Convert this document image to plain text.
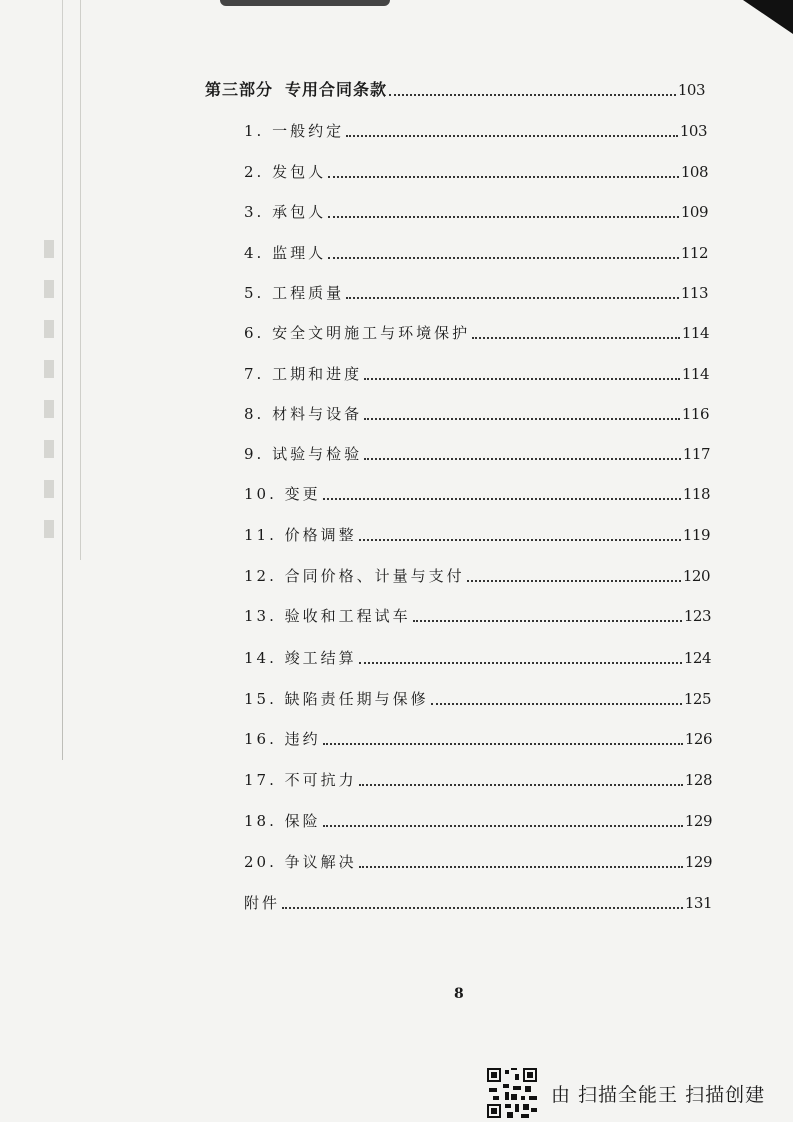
第三部分 专用合同条款	103
1. 一般约定	103
2. 发包人	108
3. 承包人	109
4. 监理人	112
5. 工程质量	113
6. 安全文明施工与环境保护	114
7. 工期和进度	114
8. 材料与设备	116
9. 试验与检验	117
10. 变更	118
11. 价格调整	119
12. 合同价格、计量与支付	120
13. 验收和工程试车	123
14. 竣工结算	124
15. 缺陷责任期与保修	125
16. 违约	126
17. 不可抗力	128
18. 保险	129
20. 争议解决	129
附件	131
8
由 扫描全能王 扫描创建
